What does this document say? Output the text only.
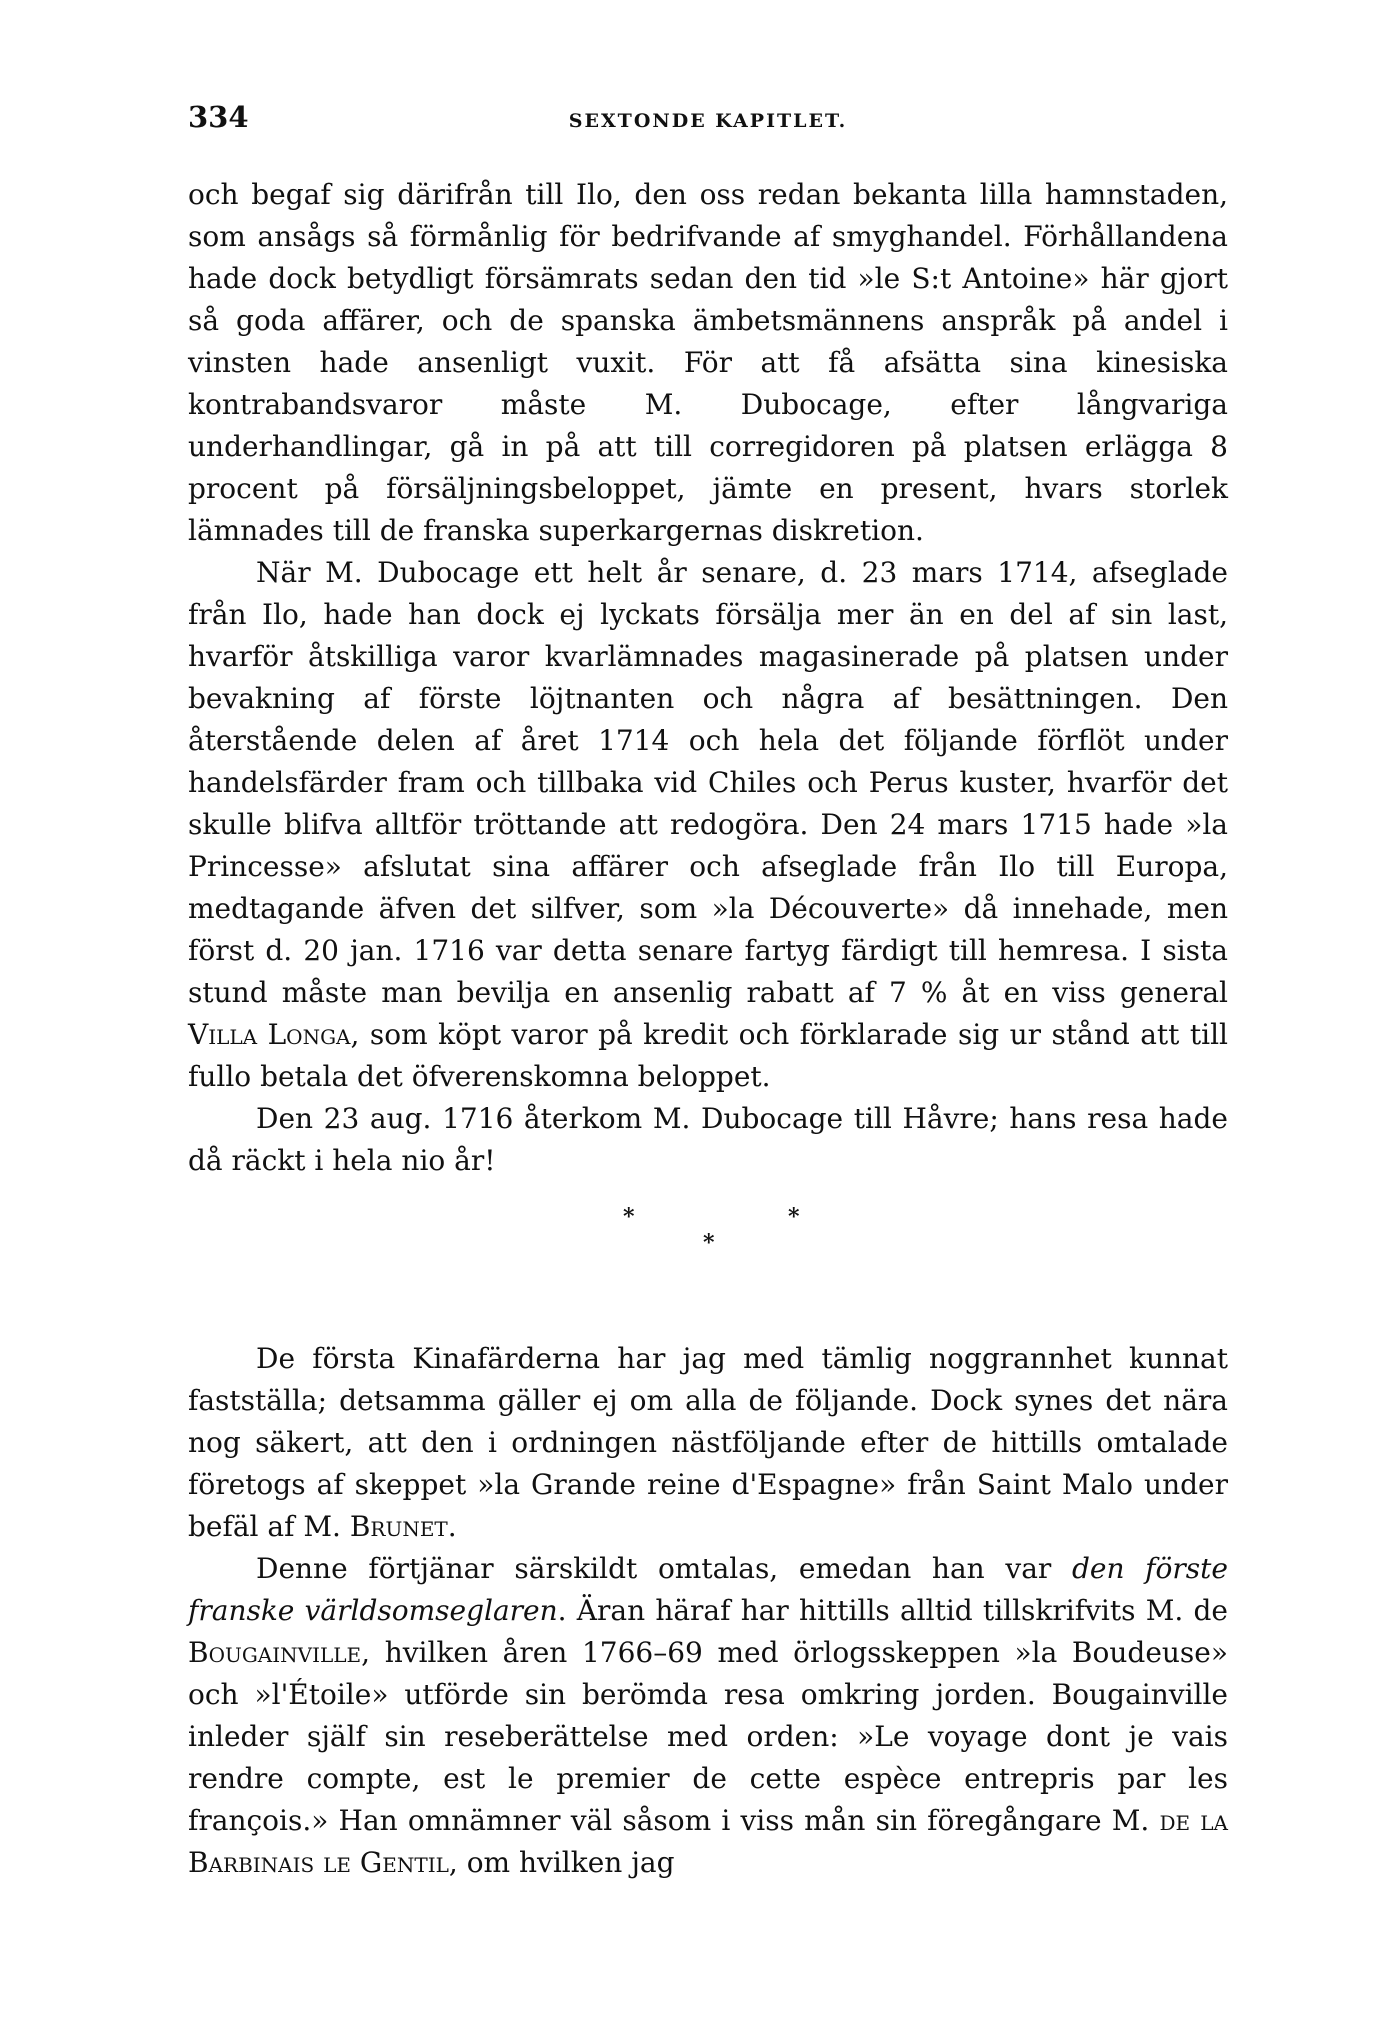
334	SEXTONDE KAPITLET.

och begaf sig därifrån till Ilo, den oss redan bekanta lilla hamnstaden, som ansågs så förmånlig för bedrifvande af smyghandel. Förhållandena hade dock betydligt försämrats sedan den tid »le S:t Antoine» här gjort så goda affärer, och de spanska ämbetsmännens anspråk på andel i vinsten hade ansenligt vuxit. För att få afsätta sina kinesiska kontrabandsvaror måste M. Dubocage, efter långvariga underhandlingar, gå in på att till corregidoren på platsen erlägga 8 procent på försäljningsbeloppet, jämte en present, hvars storlek lämnades till de franska superkargernas diskretion.

När M. Dubocage ett helt år senare, d. 23 mars 1714, afseglade från Ilo, hade han dock ej lyckats försälja mer än en del af sin last, hvarför åtskilliga varor kvarlämnades magasinerade på platsen under bevakning af förste löjtnanten och några af besättningen. Den återstående delen af året 1714 och hela det följande förflöt under handelsfärder fram och tillbaka vid Chiles och Perus kuster, hvarför det skulle blifva alltför tröttande att redogöra. Den 24 mars 1715 hade »la Princesse» afslutat sina affärer och afseglade från Ilo till Europa, medtagande äfven det silfver, som »la Découverte» då innehade, men först d. 20 jan. 1716 var detta senare fartyg färdigt till hemresa. I sista stund måste man bevilja en ansenlig rabatt af 7 % åt en viss general Villa Longa, som köpt varor på kredit och förklarade sig ur stånd att till fullo betala det öfverenskomna beloppet.

Den 23 aug. 1716 återkom M. Dubocage till Håvre; hans resa hade då räckt i hela nio år!

*
*
*

De första Kinafärderna har jag med tämlig noggrannhet kunnat fastställa; detsamma gäller ej om alla de följande. Dock synes det nära nog säkert, att den i ordningen nästföljande efter de hittills omtalade företogs af skeppet »la Grande reine d'Espagne» från Saint Malo under befäl af M. Brunet.

Denne förtjänar särskildt omtalas, emedan han var den förste franske världsomseglaren. Äran häraf har hittills alltid tillskrifvits M. de Bougainville, hvilken åren 1766–69 med örlogsskeppen »la Boudeuse» och »l'Étoile» utförde sin berömda resa omkring jorden. Bougainville inleder själf sin reseberättelse med orden: »Le voyage dont je vais rendre compte, est le premier de cette espèce entrepris par les françois.» Han omnämner väl såsom i viss mån sin föregångare M. de la Barbinais le Gentil, om hvilken jag
